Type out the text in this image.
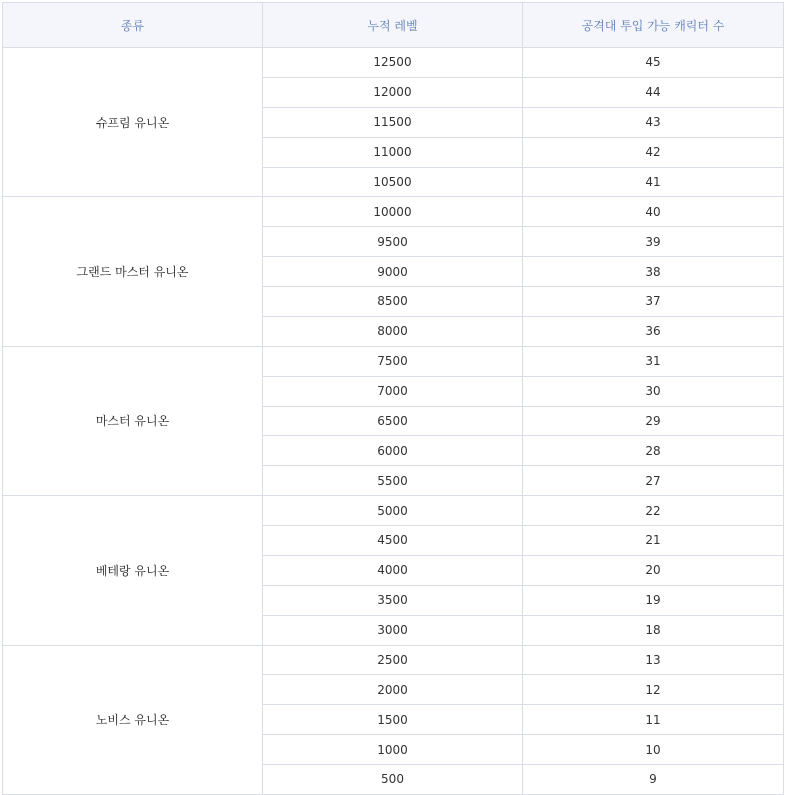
종류	누적 레벨	공격대 투입 가능 캐릭터 수
슈프림 유니온	12500	45
	12000	44
	11500	43
	11000	42
	10500	41
그랜드 마스터 유니온	10000	40
	9500	39
	9000	38
	8500	37
	8000	36
마스터 유니온	7500	31
	7000	30
	6500	29
	6000	28
	5500	27
베테랑 유니온	5000	22
	4500	21
	4000	20
	3500	19
	3000	18
노비스 유니온	2500	13
	2000	12
	1500	11
	1000	10
	500	9
